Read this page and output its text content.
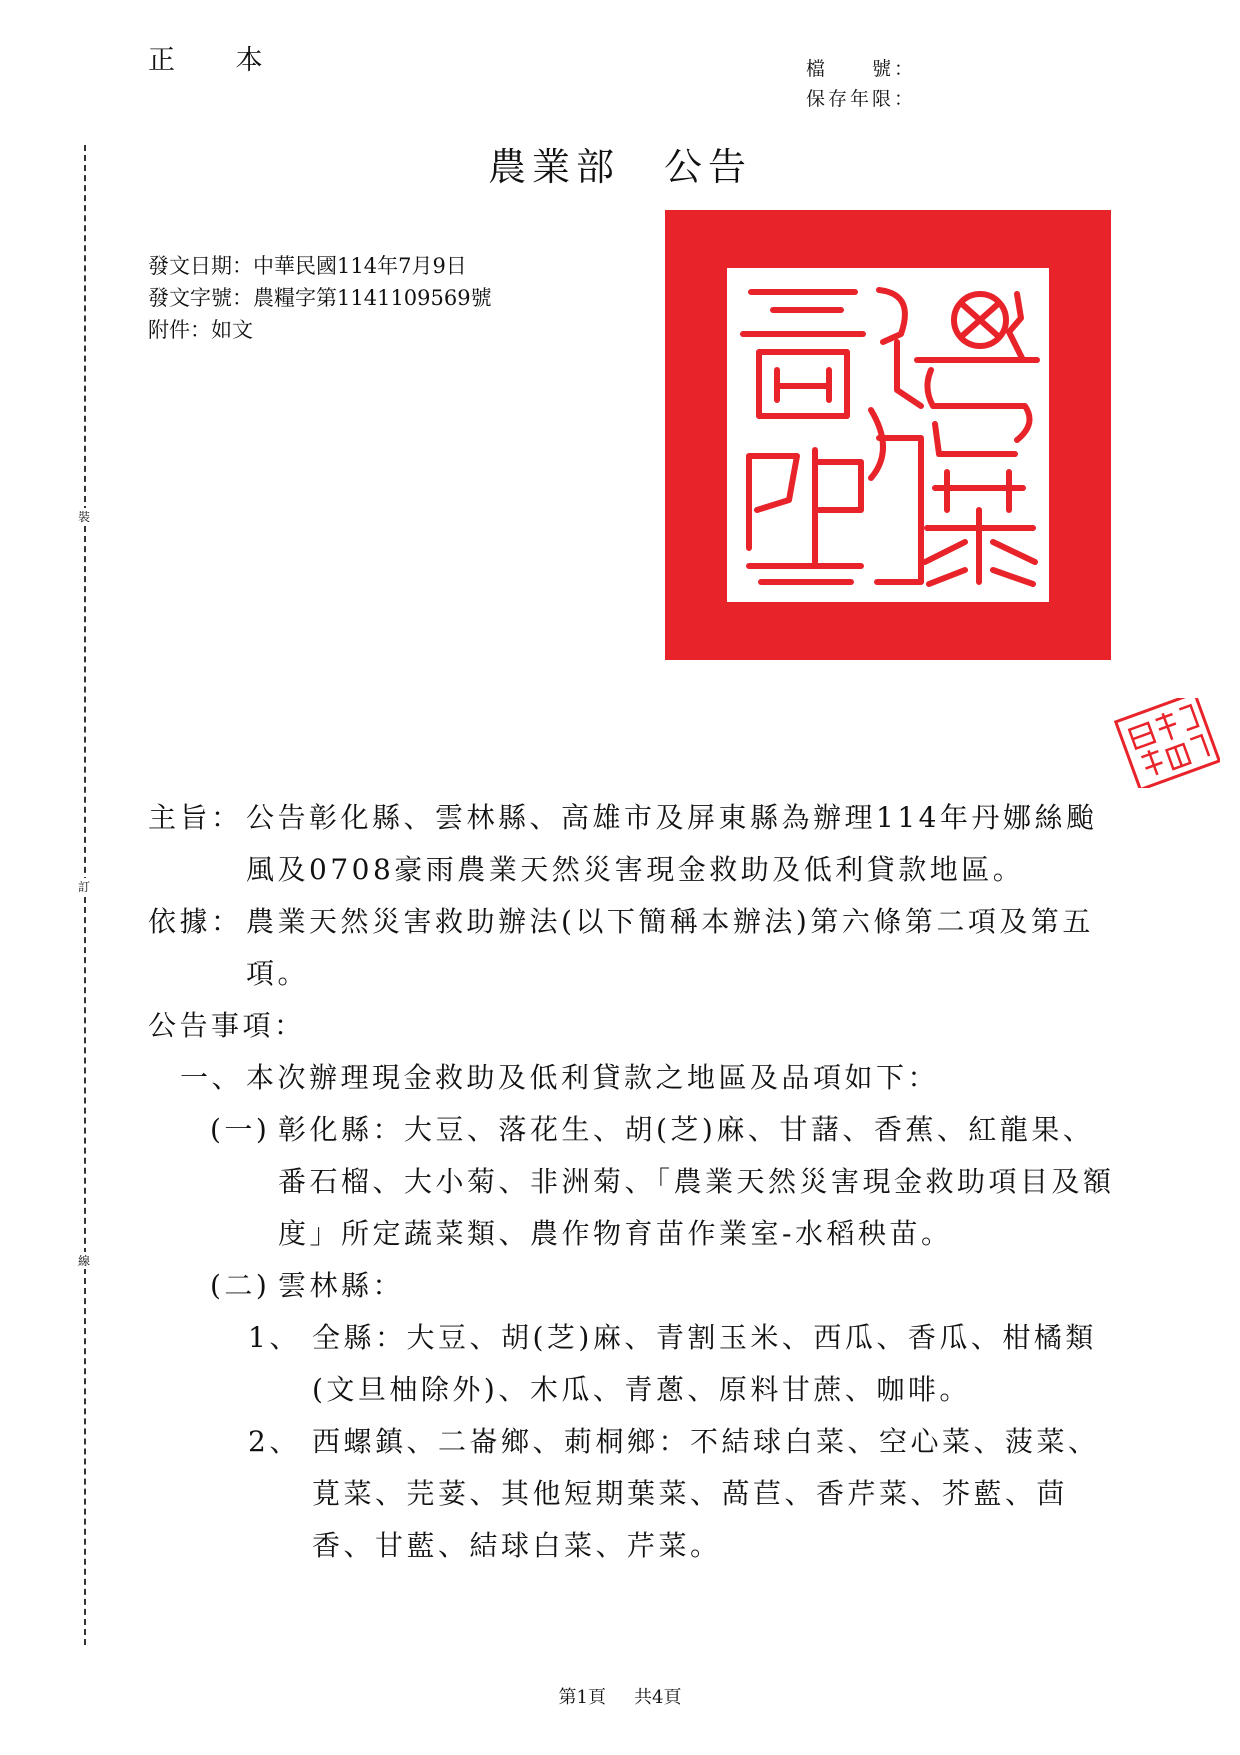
正 本	檔　　號：
保存年限：
裝
訂
線
農業部 公告
發文日期：中華民國114年7月9日
發文字號：農糧字第1141109569號
附件：如文
主旨： 公告彰化縣、雲林縣、高雄市及屏東縣為辦理114年丹娜絲颱風及0708豪雨農業天然災害現金救助及低利貸款地區。
依據： 農業天然災害救助辦法(以下簡稱本辦法)第六條第二項及第五項。
公告事項：
一、 本次辦理現金救助及低利貸款之地區及品項如下：
(一) 彰化縣：大豆、落花生、胡(芝)麻、甘藷、香蕉、紅龍果、番石榴、大小菊、非洲菊、「農業天然災害現金救助項目及額度」所定蔬菜類、農作物育苗作業室-水稻秧苗。
(二) 雲林縣：
1、 全縣：大豆、胡(芝)麻、青割玉米、西瓜、香瓜、柑橘類(文旦柚除外)、木瓜、青蔥、原料甘蔗、咖啡。
2、 西螺鎮、二崙鄉、莿桐鄉：不結球白菜、空心菜、菠菜、莧菜、芫荽、其他短期葉菜、萵苣、香芹菜、芥藍、茴香、甘藍、結球白菜、芹菜。
第1頁 共4頁
